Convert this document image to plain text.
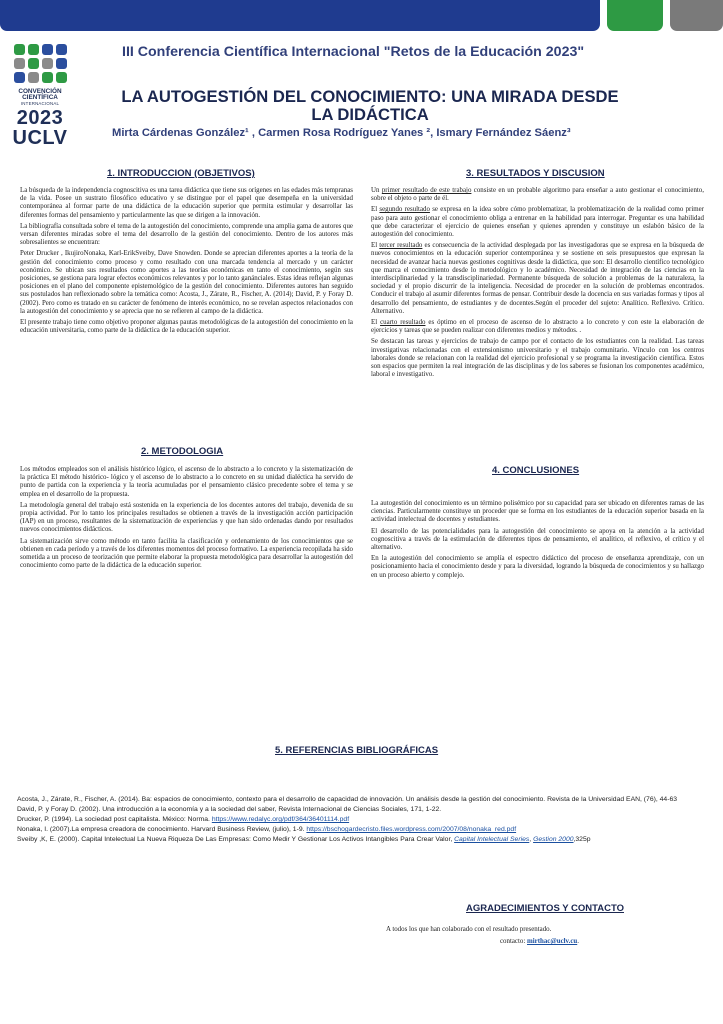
CONVENCIÓN
CIENTÍFICA
INTERNACIONAL
2023
UCLV
III Conferencia Científica Internacional "Retos de la Educación 2023"
LA AUTOGESTIÓN DEL CONOCIMIENTO: UNA MIRADA DESDE
LA DIDÁCTICA
Mirta Cárdenas González¹ , Carmen Rosa Rodríguez Yanes ², Ismary Fernández Sáenz³
1. INTRODUCCION (OBJETIVOS)

La búsqueda de la independencia cognoscitiva es una tarea didáctica que tiene sus orígenes en las edades más tempranas de la vida. Posee un sustrato filosófico educativo y se distingue por el papel que desempeña en la universidad contemporánea al formar parte de una didáctica de la educación superior que permita estimular y desarrollar las diferentes formas del pensamiento y particularmente las que se dirigen a la innovación.

La bibliografía consultada sobre el tema de la autogestión del conocimiento, comprende una amplia gama de autores que versan diferentes miradas sobre el tema del desarrollo de la gestión del conocimiento. Dentro de los autores más sobresalientes se encuentran:

Peter Drucker , IkujiroNonaka, Karl-ErikSveiby, Dave Snowden. Donde se aprecian diferentes aportes a la teoría de la gestión del conocimiento como proceso y como resultado con una marcada tendencia al mercado y un carácter económico. Se ubican sus resultados como aportes a las teorías económicas en tanto el conocimiento, según sus posiciones, se gestiona para lograr efectos económicos relevantes y por lo tanto ganánciales. Estas ideas reflejan algunas posiciones en el plano del componente epistemológico de la gestión del conocimiento. Diferentes autores han seguido sus postulados han reflexionado sobre la temática como: Acosta, J., Zárate, R., Fischer, A. (2014); David, P. y Foray D. (2002). Pero como es tratado en su carácter de fenómeno de interés económico, no se revelan aspectos relacionados con la autogestión del conocimiento y se aprecia que no se refieren al campo de la didáctica.

El presente trabajo tiene como objetivo proponer algunas pautas metodológicas de la autogestión del conocimiento en la educación universitaria, como parte de la didáctica de la educación superior.

2. METODOLOGIA

Los métodos empleados son el análisis histórico lógico, el ascenso de lo abstracto a lo concreto y la sistematización de la práctica El método histórico- lógico y el ascenso de lo abstracto a lo concreto en su unidad dialéctica ha servido de punto de partida con la experiencia y la teoría acumuladas por el pensamiento clásico precedente sobre el tema y se emplea en el desarrollo de la propuesta.

La metodología general del trabajo está sostenida en la experiencia de los docentes autores del trabajo, devenida de su propia actividad. Por lo tanto los principales resultados se obtienen a través de la investigación acción participación (IAP) en un proceso, resultantes de la sistematización de experiencias y que han sido ordenadas dando por resultados nuevos conocimientos didácticos.

La sistematización sirve como método en tanto facilita la clasificación y ordenamiento de los conocimientos que se obtienen en cada período y a través de los diferentes momentos del proceso formativo. La experiencia recopilada ha sido sometida a un proceso de teorización que permite elaborar la propuesta metodológica para desarrollar la autogestión del conocimiento como parte de la didáctica de la educación superior.

3. RESULTADOS Y DISCUSION

Un primer resultado de este trabajo consiste en un probable algoritmo para enseñar a auto gestionar el conocimiento, sobre el objeto o parte de él.

El segundo resultado se expresa en la idea sobre cómo problematizar, la problematización de la realidad como primer paso para auto gestionar el conocimiento obliga a entrenar en la habilidad para interrogar. Preguntar es una habilidad que debe caracterizar el ejercicio de quienes enseñan y quienes aprenden y constituye un eslabón básico de la autogestión del conocimiento.

El tercer resultado es consecuencia de la actividad desplegada por las investigadoras que se expresa en la búsqueda de nuevos conocimientos en la educación superior contemporánea y se sostiene en seis presupuestos que expresan la necesidad de avanzar hacia nuevas gestiones cognitivas desde la didáctica, que son: El desarrollo científico tecnológico que marca el conocimiento desde lo metodológico y lo académico. Necesidad de integración de las ciencias en la interdisciplinariedad y la transdisciplinariedad. Permanente búsqueda de solución a problemas de la naturaleza, la sociedad y el propio discurrir de la inteligencia. Necesidad de proceder en la solución de problemas encontrados. Conducir el trabajo al asumir diferentes formas de pensar. Contribuir desde la docencia en sus variadas formas y tipos al desarrollo del pensamiento, de estudiantes y de docentes.Según el proceder del sujeto: Analítico. Reflexivo. Crítico. Alternativo.

El cuarto resultado es óptimo en el proceso de ascenso de lo abstracto a lo concreto y con este la elaboración de ejercicios y tareas que se pueden realizar con diferentes medios y métodos. .

Se destacan las tareas y ejercicios de trabajo de campo por el contacto de los estudiantes con la realidad. Las tareas investigativas relacionadas con el extensionismo universitario y el trabajo comunitario. Vínculo con los centros laborales donde se relacionan con la realidad del ejercicio profesional y se programa la investigación científica. Estos son espacios que permiten la real integración de las disciplinas y de los saberes se fusionan los componentes académico, laboral e investigativo.

4. CONCLUSIONES

La autogestión del conocimiento es un término polisémico por su capacidad para ser ubicado en diferentes ramas de las ciencias. Particularmente constituye un proceder que se forma en los estudiantes de la educación superior basada en la actividad intelectual de docentes y estudiantes.

El desarrollo de las potencialidades para la autogestión del conocimiento se apoya en la atención a la actividad cognoscitiva a través de la estimulación de diferentes tipos de pensamiento, el analítico, el reflexivo, el crítico y el alternativo.

En la autogestión del conocimiento se amplía el espectro didáctico del proceso de enseñanza aprendizaje, con un posicionamiento hacia el conocimiento desde y para la diversidad, logrando la búsqueda de conocimientos y su hallazgo en un proceso abierto y complejo.

5. REFERENCIAS BIBLIOGRÁFICAS
Acosta, J., Zárate, R., Fischer, A. (2014). Ba: espacios de conocimiento, contexto para el desarrollo de capacidad de innovación. Un análisis desde la gestión del conocimiento. Revista de la Universidad EAN, (76), 44-63
David, P. y Foray D. (2002). Una introducción a la economía y a la sociedad del saber, Revista Internacional de Ciencias Sociales, 171, 1-22.
Drucker, P. (1994). La sociedad post capitalista. México: Norma. https://www.redalyc.org/pdf/364/36401114.pdf
Nonaka, I. (2007).La empresa creadora de conocimiento. Harvard Business Review, (julio), 1-9. https://bschogardecristo.files.wordpress.com/2007/08/nonaka_red.pdf
Sveiby ,K, E. (2000). Capital Intelectual La Nueva Riqueza De Las Empresas: Como Medir Y Gestionar Los Activos Intangibles Para Crear Valor, Capital Intelectual Series, Gestion 2000,325p
AGRADECIMIENTOS Y CONTACTO
A todos los que han colaborado con el resultado presentado.
contacto: mirthac@uclv.cu.
